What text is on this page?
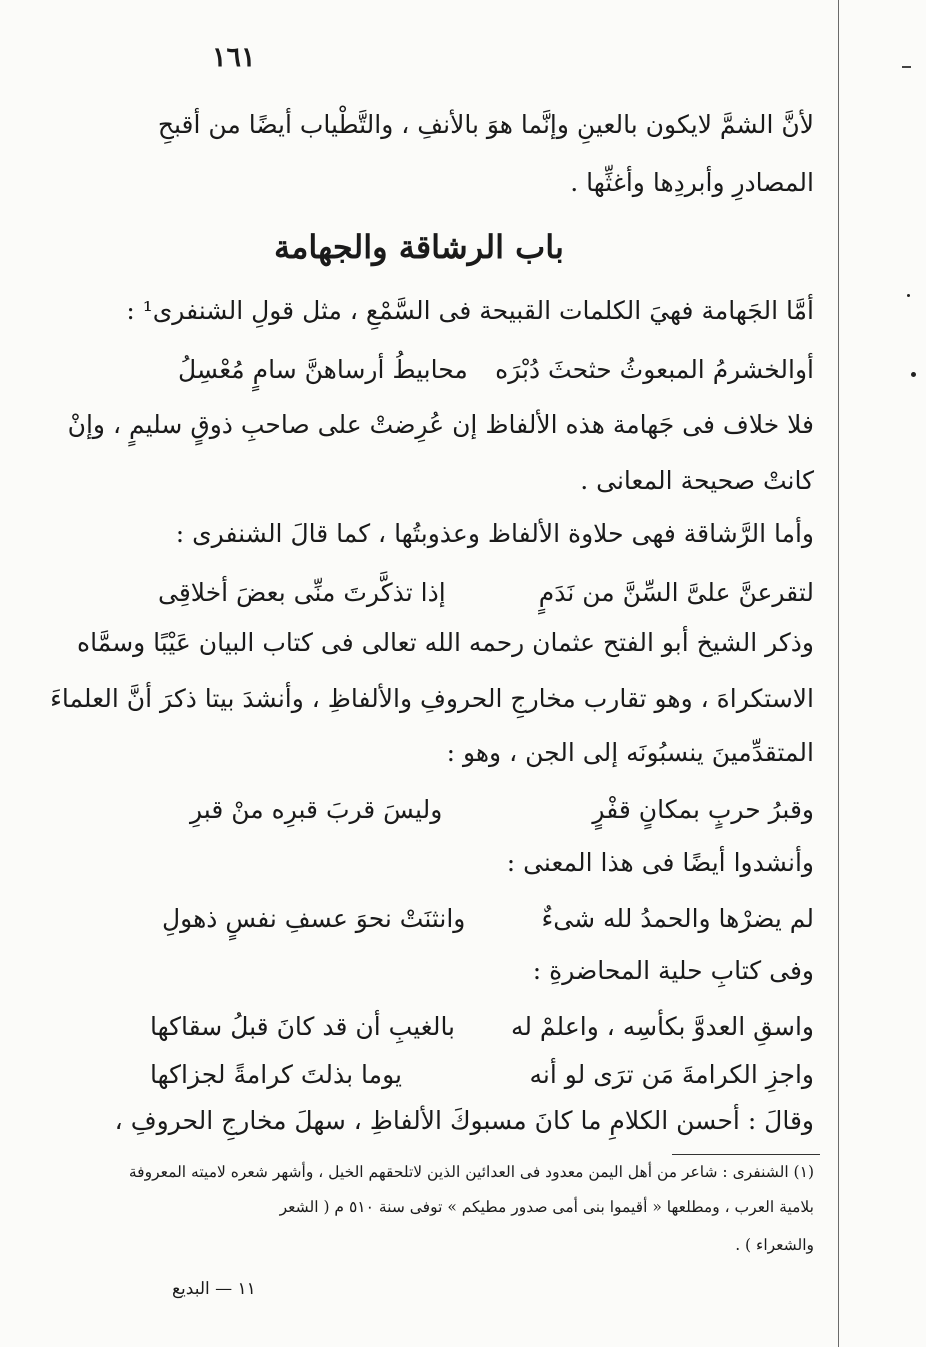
١٦١
لأنَّ الشمَّ لايكون بالعينِ وإنَّما هوَ بالأنفِ ، والتَّطْياب أيضًا من أقبحِ
المصادرِ وأبردِها وأغثِّها .
باب الرشاقة والجهامة
أمَّا الجَهامة فهيَ الكلمات القبيحة فى السَّمْعِ ، مثل قولِ الشنفرى¹ :
أوالخشرمُ المبعوثُ حثحثَ دُبْرَه
محابيطُ أرساهنَّ سامٍ مُعْسِلُ
فلا خلاف فى جَهامة هذه الألفاظ إن عُرِضتْ على صاحبِ ذوقٍ سليمٍ ، وإنْ
كانتْ صحيحة المعانى .
وأما الرَّشاقة فهى حلاوة الألفاظ وعذوبتُها ، كما قالَ الشنفرى :
لتقرعنَّ علىَّ السِّنَّ من نَدَمٍ
إذا تذكَّرتَ منِّى بعضَ أخلاقِى
وذكر الشيخ أبو الفتح عثمان رحمه الله تعالى فى كتاب البيان عَيْبًا وسمَّاه
الاستكراهَ ، وهو تقارب مخارجِ الحروفِ والألفاظِ ، وأنشدَ بيتا ذكرَ أنَّ العلماءَ
المتقدِّمينَ ينسبُونَه إلى الجن ، وهو :
وقبرُ حربٍ بمكانٍ قفْرٍ
وليسَ قربَ قبرِه منْ قبرِ
وأنشدوا أيضًا فى هذا المعنى :
لم يضرْها والحمدُ لله شىءٌ
وانثنَتْ نحوَ عسفِ نفسٍ ذهولِ
وفى كتابِ حلية المحاضرةِ :
واسقِ العدوَّ بكأسِه ، واعلمْ له
بالغيبِ أن قد كانَ قبلُ سقاكها
واجزِ الكرامةَ مَن ترَى لو أنه
يوما بذلتَ كرامةً لجزاكها
وقالَ : أحسن الكلامِ ما كانَ مسبوكَ الألفاظِ ، سهلَ مخارجِ الحروفِ ،
(١) الشنفرى : شاعر من أهل اليمن معدود فى العدائين الذين لاتلحقهم الخيل ، وأشهر شعره لاميته المعروفة
بلامية العرب ، ومطلعها « أقيموا بنى أمى صدور مطيكم » توفى سنة ٥١٠ م ( الشعر
والشعراء ) .
١١ — البديع
